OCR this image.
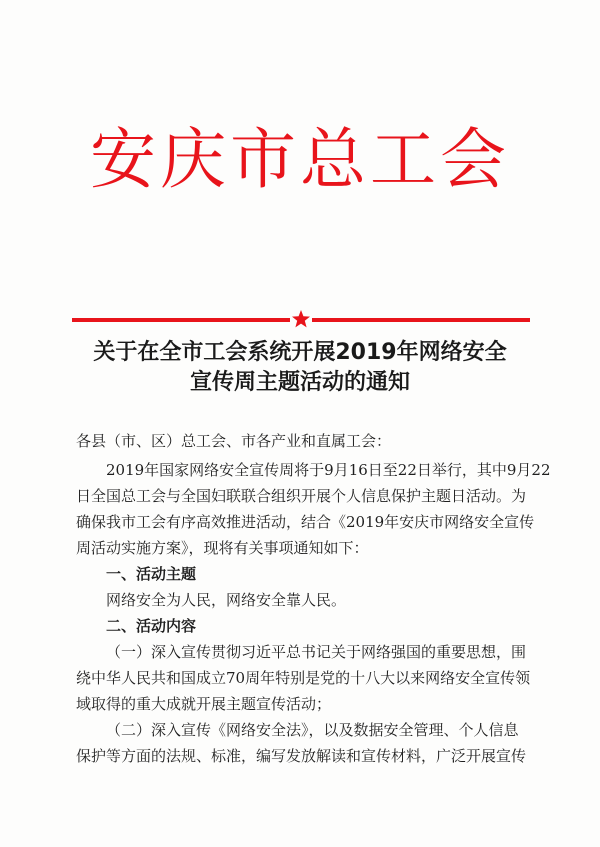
安庆市总工会
关于在全市工会系统开展2019年网络安全
宣传周主题活动的通知
各县（市、区）总工会、市各产业和直属工会：
2019年国家网络安全宣传周将于9月16日至22日举行，其中9月22
日全国总工会与全国妇联联合组织开展个人信息保护主题日活动。为
确保我市工会有序高效推进活动，结合《2019年安庆市网络安全宣传
周活动实施方案》，现将有关事项通知如下：
一、活动主题
网络安全为人民，网络安全靠人民。
二、活动内容
（一）深入宣传贯彻习近平总书记关于网络强国的重要思想，围
绕中华人民共和国成立70周年特别是党的十八大以来网络安全宣传领
域取得的重大成就开展主题宣传活动；
（二）深入宣传《网络安全法》，以及数据安全管理、个人信息
保护等方面的法规、标准，编写发放解读和宣传材料，广泛开展宣传
